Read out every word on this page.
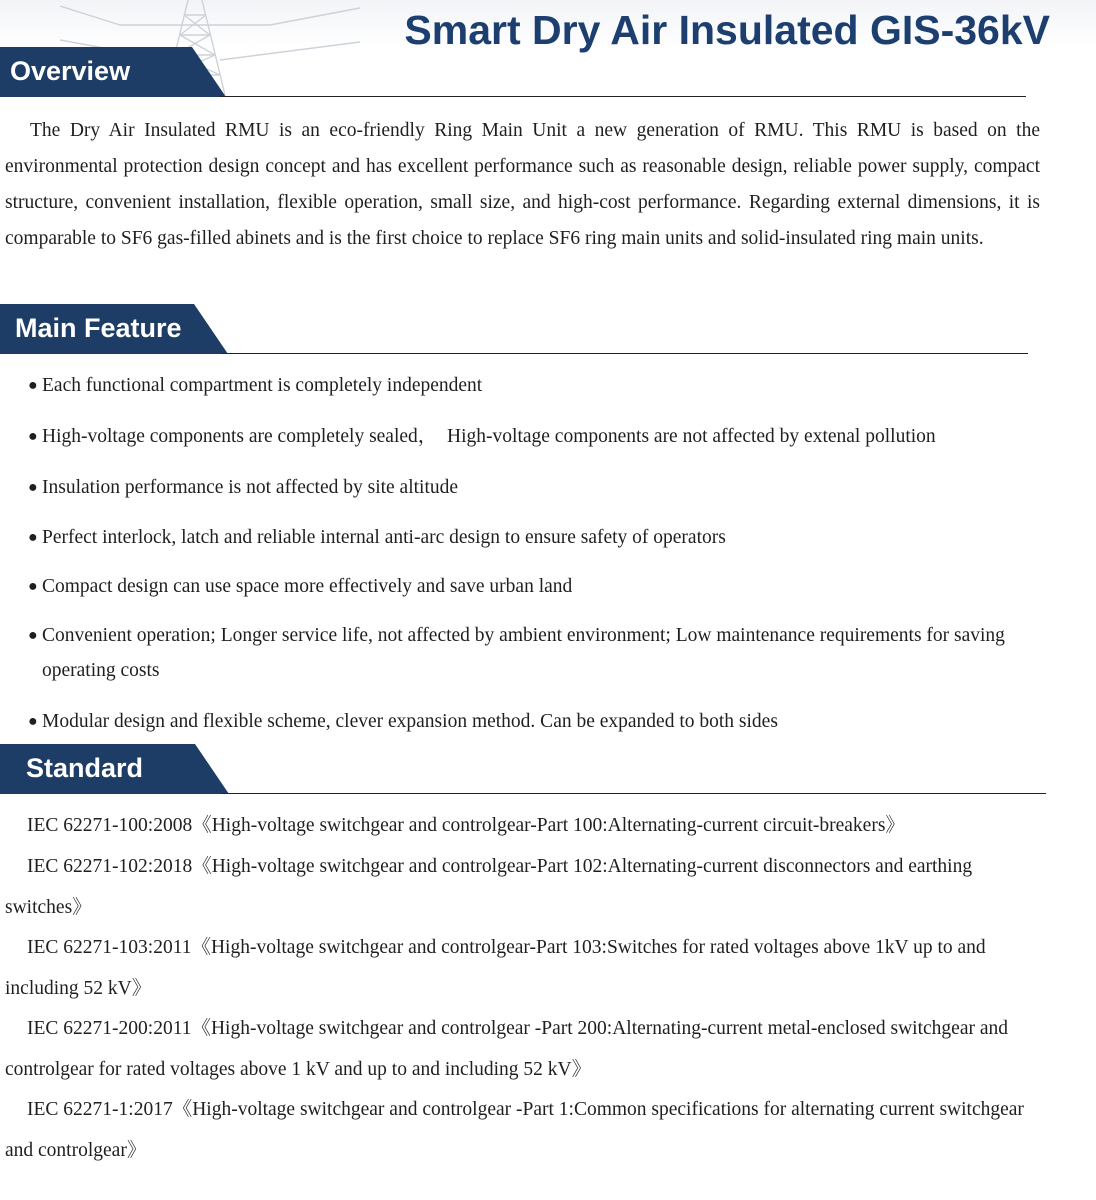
Smart Dry Air Insulated GIS-36kV
Overview

The Dry Air Insulated RMU is an eco-friendly Ring Main Unit a new generation of RMU. This RMU is based on the environmental protection design concept and has excellent performance such as reasonable design, reliable power supply, compact structure, convenient installation, flexible operation, small size, and high-cost performance. Regarding external dimensions, it is comparable to SF6 gas-filled abinets and is the first choice to replace SF6 ring main units and solid-insulated ring main units.

Main Feature
● Each functional compartment is completely independent
● High-voltage components are completely sealed，　High-voltage components are not affected by extenal pollution
● Insulation performance is not affected by site altitude
● Perfect interlock, latch and reliable internal anti-arc design to ensure safety of operators
● Compact design can use space more effectively and save urban land
● Convenient operation; Longer service life, not affected by ambient environment; Low maintenance requirements for saving operating costs
● Modular design and flexible scheme, clever expansion method. Can be expanded to both sides
Standard

IEC 62271-100:2008《High-voltage switchgear and controlgear-Part 100:Alternating-current circuit-breakers》

IEC 62271-102:2018《High-voltage switchgear and controlgear-Part 102:Alternating-current disconnectors and earthing switches》

IEC 62271-103:2011《High-voltage switchgear and controlgear-Part 103:Switches for rated voltages above 1kV up to and including 52 kV》

IEC 62271-200:2011《High-voltage switchgear and controlgear -Part 200:Alternating-current metal-enclosed switchgear and controlgear for rated voltages above 1 kV and up to and including 52 kV》

IEC 62271-1:2017《High-voltage switchgear and controlgear -Part 1:Common specifications for alternating current switchgear and controlgear》
